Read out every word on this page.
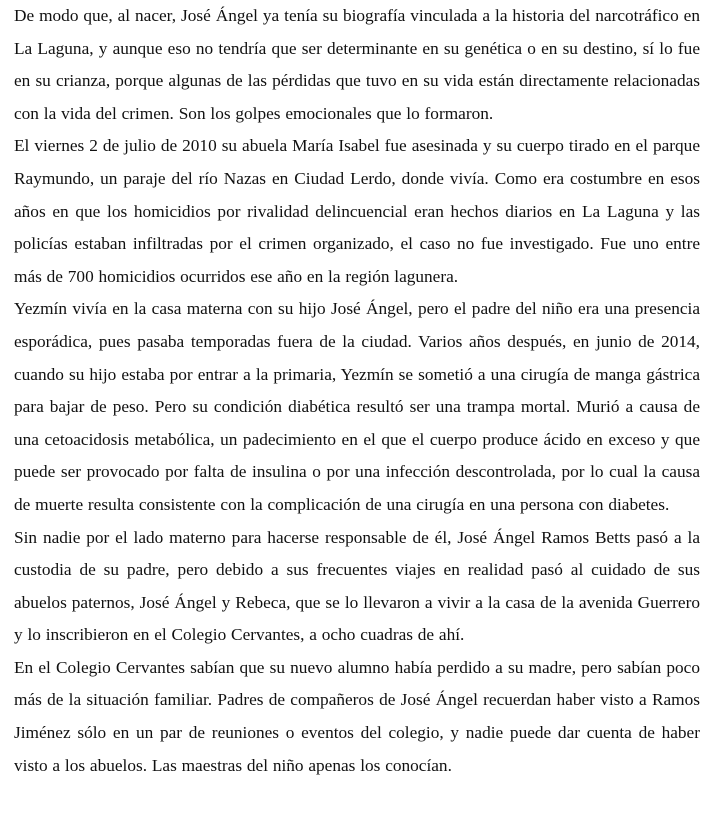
De modo que, al nacer, José Ángel ya tenía su biografía vinculada a la historia del narcotráfico en La Laguna, y aunque eso no tendría que ser determinante en su genética o en su destino, sí lo fue en su crianza, porque algunas de las pérdidas que tuvo en su vida están directamente relacionadas con la vida del crimen. Son los golpes emocionales que lo formaron.

El viernes 2 de julio de 2010 su abuela María Isabel fue asesinada y su cuerpo tirado en el parque Raymundo, un paraje del río Nazas en Ciudad Lerdo, donde vivía. Como era costumbre en esos años en que los homicidios por rivalidad delincuencial eran hechos diarios en La Laguna y las policías estaban infiltradas por el crimen organizado, el caso no fue investigado. Fue uno entre más de 700 homicidios ocurridos ese año en la región lagunera.

Yezmín vivía en la casa materna con su hijo José Ángel, pero el padre del niño era una presencia esporádica, pues pasaba temporadas fuera de la ciudad. Varios años después, en junio de 2014, cuando su hijo estaba por entrar a la primaria, Yezmín se sometió a una cirugía de manga gástrica para bajar de peso. Pero su condición diabética resultó ser una trampa mortal. Murió a causa de una cetoacidosis metabólica, un padecimiento en el que el cuerpo produce ácido en exceso y que puede ser provocado por falta de insulina o por una infección descontrolada, por lo cual la causa de muerte resulta consistente con la complicación de una cirugía en una persona con diabetes.

Sin nadie por el lado materno para hacerse responsable de él, José Ángel Ramos Betts pasó a la custodia de su padre, pero debido a sus frecuentes viajes en realidad pasó al cuidado de sus abuelos paternos, José Ángel y Rebeca, que se lo llevaron a vivir a la casa de la avenida Guerrero y lo inscribieron en el Colegio Cervantes, a ocho cuadras de ahí.

En el Colegio Cervantes sabían que su nuevo alumno había perdido a su madre, pero sabían poco más de la situación familiar. Padres de compañeros de José Ángel recuerdan haber visto a Ramos Jiménez sólo en un par de reuniones o eventos del colegio, y nadie puede dar cuenta de haber visto a los abuelos. Las maestras del niño apenas los conocían.
